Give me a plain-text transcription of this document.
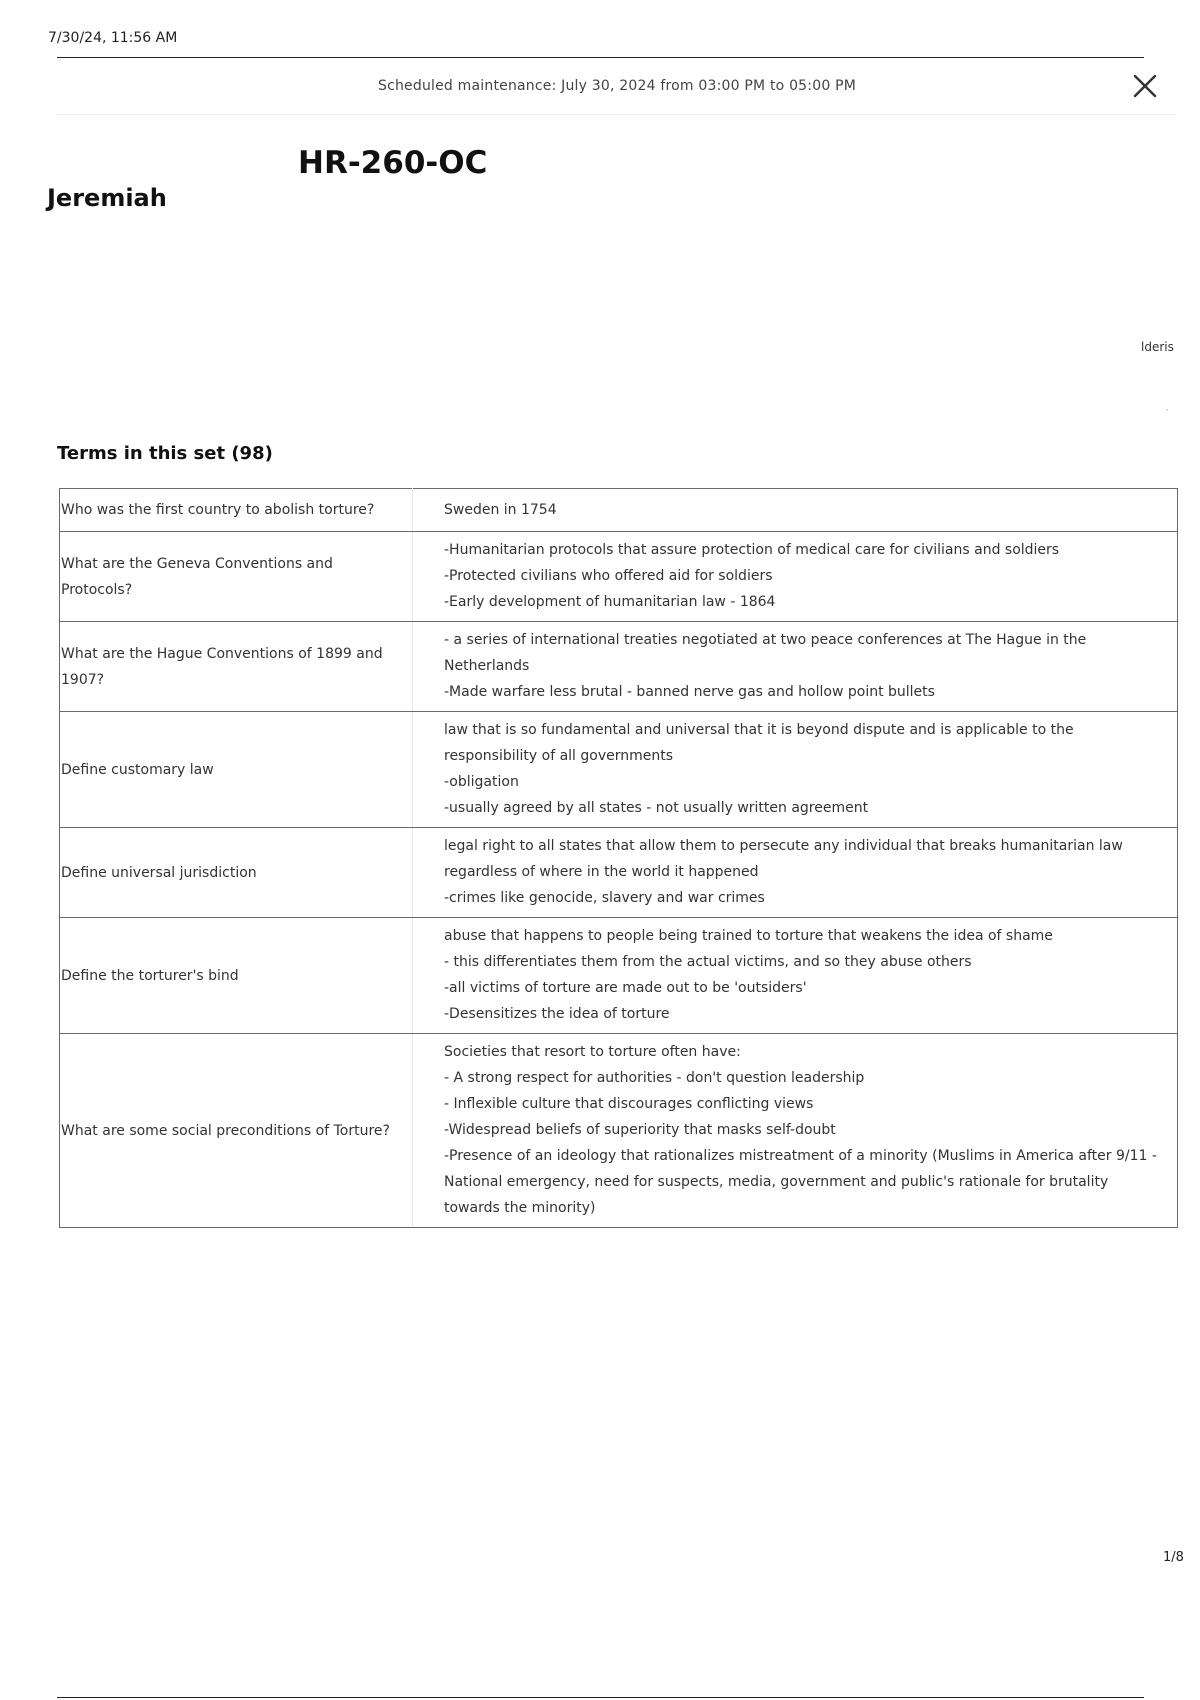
7/30/24, 11:56 AM
Scheduled maintenance: July 30, 2024 from 03:00 PM to 05:00 PM
HR-260-OC
Jeremiah
lderis
Terms in this set (98)
Who was the first country to abolish torture?	Sweden in 1754

What are the Geneva Conventions and Protocols?	-Humanitarian protocols that assure protection of medical care for civilians and soldiers
-Protected civilians who offered aid for soldiers
-Early development of humanitarian law - 1864

What are the Hague Conventions of 1899 and 1907?	- a series of international treaties negotiated at two peace conferences at The Hague in the Netherlands
-Made warfare less brutal - banned nerve gas and hollow point bullets

Define customary law	law that is so fundamental and universal that it is beyond dispute and is applicable to the responsibility of all governments
-obligation
-usually agreed by all states - not usually written agreement

Define universal jurisdiction	legal right to all states that allow them to persecute any individual that breaks humanitarian law regardless of where in the world it happened
-crimes like genocide, slavery and war crimes

Define the torturer's bind	abuse that happens to people being trained to torture that weakens the idea of shame
- this differentiates them from the actual victims, and so they abuse others
-all victims of torture are made out to be 'outsiders'
-Desensitizes the idea of torture

What are some social preconditions of Torture?	Societies that resort to torture often have:
- A strong respect for authorities - don't question leadership
- Inflexible culture that discourages conflicting views
-Widespread beliefs of superiority that masks self-doubt
-Presence of an ideology that rationalizes mistreatment of a minority (Muslims in America after 9/11 - National emergency, need for suspects, media, government and public's rationale for brutality towards the minority)
1/8
